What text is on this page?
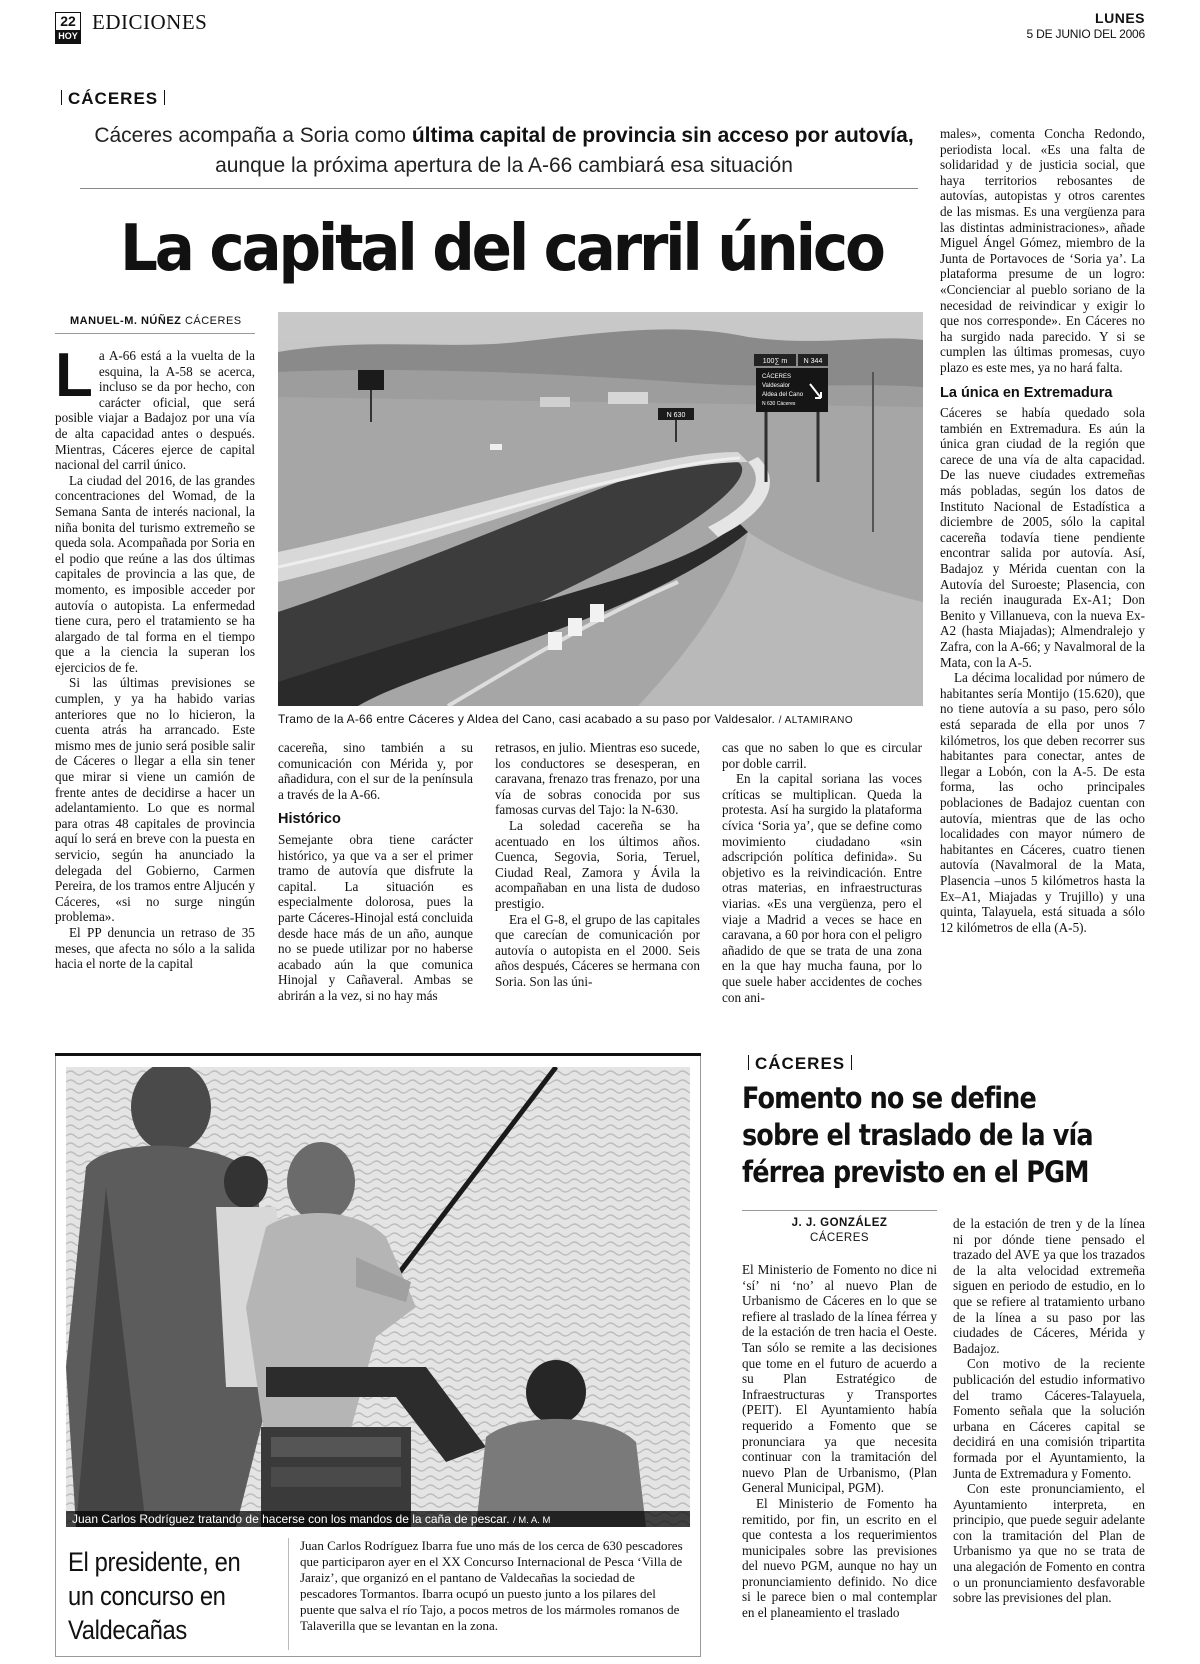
22
HOY
EDICIONES	LUNES
5 DE JUNIO DEL 2006
CÁCERES
Cáceres acompaña a Soria como última capital de provincia sin acceso por autovía, aunque la próxima apertura de la A-66 cambiará esa situación
La capital del carril único
MANUEL-M. NÚÑEZ CÁCERES

La A-66 está a la vuelta de la esquina, la A-58 se acerca, incluso se da por hecho, con carácter oficial, que será posible viajar a Badajoz por una vía de alta capacidad antes o después. Mientras, Cáceres ejerce de capital nacional del carril único.

La ciudad del 2016, de las grandes concentraciones del Womad, de la Semana Santa de interés nacional, la niña bonita del turismo extremeño se queda sola. Acompañada por Soria en el podio que reúne a las dos últimas capitales de provincia a las que, de momento, es imposible acceder por autovía o autopista. La enfermedad tiene cura, pero el tratamiento se ha alargado de tal forma en el tiempo que a la ciencia la superan los ejercicios de fe.

Si las últimas previsiones se cumplen, y ya ha habido varias anteriores que no lo hicieron, la cuenta atrás ha arrancado. Este mismo mes de junio será posible salir de Cáceres o llegar a ella sin tener que mirar si viene un camión de frente antes de decidirse a hacer un adelantamiento. Lo que es normal para otras 48 capitales de provincia aquí lo será en breve con la puesta en servicio, según ha anunciado la delegada del Gobierno, Carmen Pereira, de los tramos entre Aljucén y Cáceres, «si no surge ningún problema».

El PP denuncia un retraso de 35 meses, que afecta no sólo a la salida hacia el norte de la capital

N 630
100∑ m N 344
CÁCERES
Valdesalor
Aldea del Cano
N 630 Cáceres
Tramo de la A-66 entre Cáceres y Aldea del Cano, casi acabado a su paso por Valdesalor. / ALTAMIRANO

cacereña, sino también a su comunicación con Mérida y, por añadidura, con el sur de la península a través de la A-66.

Histórico

Semejante obra tiene carácter histórico, ya que va a ser el primer tramo de autovía que disfrute la capital. La situación es especialmente dolorosa, pues la parte Cáceres-Hinojal está concluida desde hace más de un año, aunque no se puede utilizar por no haberse acabado aún la que comunica Hinojal y Cañaveral. Ambas se abrirán a la vez, si no hay más

retrasos, en julio. Mientras eso sucede, los conductores se desesperan, en caravana, frenazo tras frenazo, por una vía de sobras conocida por sus famosas curvas del Tajo: la N-630.

La soledad cacereña se ha acentuado en los últimos años. Cuenca, Segovia, Soria, Teruel, Ciudad Real, Zamora y Ávila la acompañaban en una lista de dudoso prestigio.

Era el G-8, el grupo de las capitales que carecían de comunicación por autovía o autopista en el 2000. Seis años después, Cáceres se hermana con Soria. Son las úni-

cas que no saben lo que es circular por doble carril.

En la capital soriana las voces críticas se multiplican. Queda la protesta. Así ha surgido la plataforma cívica ‘Soria ya’, que se define como movimiento ciudadano «sin adscripción política definida». Su objetivo es la reivindicación. Entre otras materias, en infraestructuras viarias. «Es una vergüenza, pero el viaje a Madrid a veces se hace en caravana, a 60 por hora con el peligro añadido de que se trata de una zona en la que hay mucha fauna, por lo que suele haber accidentes de coches con ani-

males», comenta Concha Redondo, periodista local. «Es una falta de solidaridad y de justicia social, que haya territorios rebosantes de autovías, autopistas y otros carentes de las mismas. Es una vergüenza para las distintas administraciones», añade Miguel Ángel Gómez, miembro de la Junta de Portavoces de ‘Soria ya’. La plataforma presume de un logro: «Concienciar al pueblo soriano de la necesidad de reivindicar y exigir lo que nos corresponde». En Cáceres no ha surgido nada parecido. Y si se cumplen las últimas promesas, cuyo plazo es este mes, ya no hará falta.

La única en Extremadura

Cáceres se había quedado sola también en Extremadura. Es aún la única gran ciudad de la región que carece de una vía de alta capacidad. De las nueve ciudades extremeñas más pobladas, según los datos de Instituto Nacional de Estadística a diciembre de 2005, sólo la capital cacereña todavía tiene pendiente encontrar salida por autovía. Así, Badajoz y Mérida cuentan con la Autovía del Suroeste; Plasencia, con la recién inaugurada Ex-A1; Don Benito y Villanueva, con la nueva Ex-A2 (hasta Miajadas); Almendralejo y Zafra, con la A-66; y Navalmoral de la Mata, con la A-5.

La décima localidad por número de habitantes sería Montijo (15.620), que no tiene autovía a su paso, pero sólo está separada de ella por unos 7 kilómetros, los que deben recorrer sus habitantes para conectar, antes de llegar a Lobón, con la A-5. De esta forma, las ocho principales poblaciones de Badajoz cuentan con autovía, mientras que de las ocho localidades con mayor número de habitantes en Cáceres, cuatro tienen autovía (Navalmoral de la Mata, Plasencia –unos 5 kilómetros hasta la Ex–A1, Miajadas y Trujillo) y una quinta, Talayuela, está situada a sólo 12 kilómetros de ella (A-5).

Juan Carlos Rodríguez tratando de hacerse con los mandos de la caña de pescar. / M. A. M
El presidente, en un concurso en Valdecañas
Juan Carlos Rodríguez Ibarra fue uno más de los cerca de 630 pescadores que participaron ayer en el XX Concurso Internacional de Pesca ‘Villa de Jaraiz’, que organizó en el pantano de Valdecañas la sociedad de pescadores Tormantos. Ibarra ocupó un puesto junto a los pilares del puente que salva el río Tajo, a pocos metros de los mármoles romanos de Talaverilla que se levantan en la zona.
CÁCERES
Fomento no se define sobre el traslado de la vía férrea previsto en el PGM
J. J. GONZÁLEZ
CÁCERES

El Ministerio de Fomento no dice ni ‘sí’ ni ‘no’ al nuevo Plan de Urbanismo de Cáceres en lo que se refiere al traslado de la línea férrea y de la estación de tren hacia el Oeste. Tan sólo se remite a las decisiones que tome en el futuro de acuerdo a su Plan Estratégico de Infraestructuras y Transportes (PEIT). El Ayuntamiento había requerido a Fomento que se pronunciara ya que necesita continuar con la tramitación del nuevo Plan de Urbanismo, (Plan General Municipal, PGM).

El Ministerio de Fomento ha remitido, por fin, un escrito en el que contesta a los requerimientos municipales sobre las previsiones del nuevo PGM, aunque no hay un pronunciamiento definido. No dice si le parece bien o mal contemplar en el planeamiento el traslado

de la estación de tren y de la línea ni por dónde tiene pensado el trazado del AVE ya que los trazados de la alta velocidad extremeña siguen en periodo de estudio, en lo que se refiere al tratamiento urbano de la línea a su paso por las ciudades de Cáceres, Mérida y Badajoz.

Con motivo de la reciente publicación del estudio informativo del tramo Cáceres-Talayuela, Fomento señala que la solución urbana en Cáceres capital se decidirá en una comisión tripartita formada por el Ayuntamiento, la Junta de Extremadura y Fomento.

Con este pronunciamiento, el Ayuntamiento interpreta, en principio, que puede seguir adelante con la tramitación del Plan de Urbanismo ya que no se trata de una alegación de Fomento en contra o un pronunciamiento desfavorable sobre las previsiones del plan.
